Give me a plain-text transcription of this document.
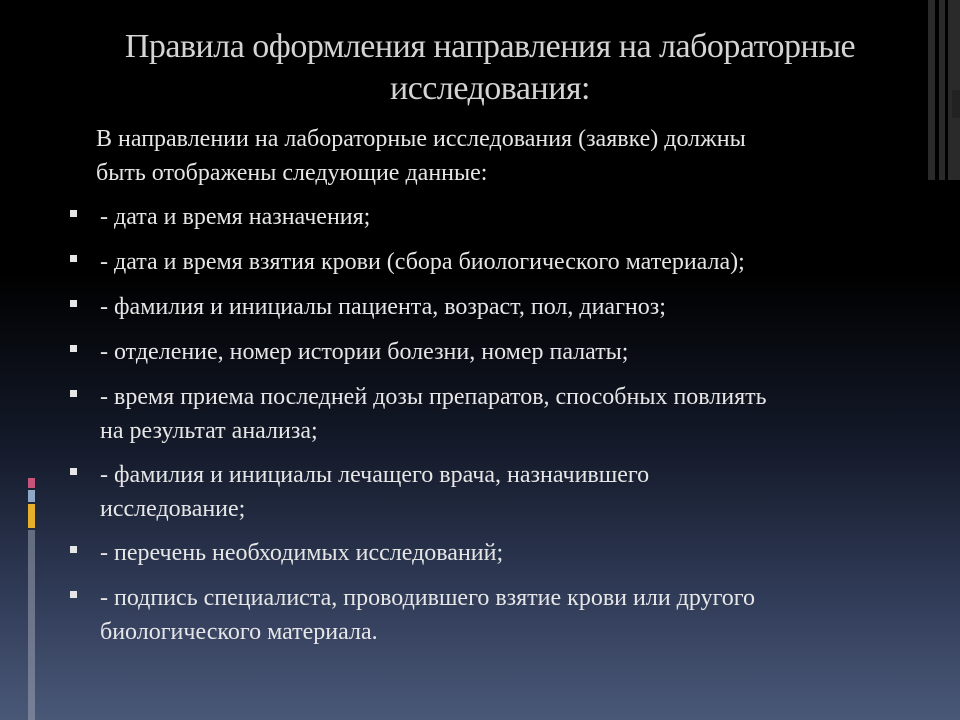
Правила оформления направления на лабораторные
исследования:
В направлении на лабораторные исследования (заявке) должны
быть отображены следующие данные:
- дата и время назначения;
- дата и время взятия крови (сбора биологического материала);
- фамилия и инициалы пациента, возраст, пол, диагноз;
- отделение, номер истории болезни, номер палаты;
- время приема последней дозы препаратов, способных повлиять
на результат анализа;
- фамилия и инициалы лечащего врача, назначившего
исследование;
- перечень необходимых исследований;
- подпись специалиста, проводившего взятие крови или другого
биологического материала.
